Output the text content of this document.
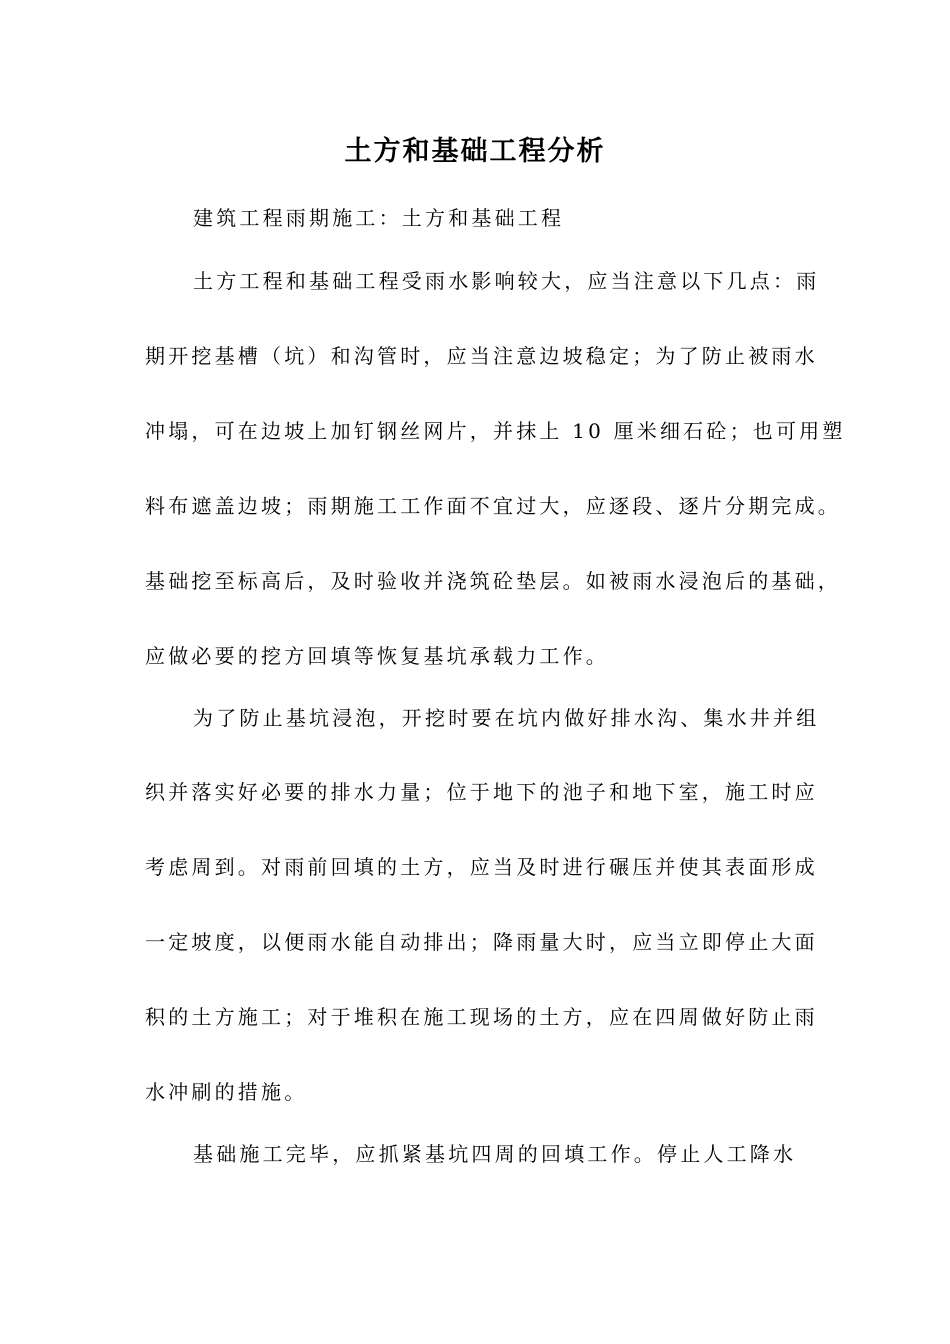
土方和基础工程分析
建筑工程雨期施工：土方和基础工程
土方工程和基础工程受雨水影响较大，应当注意以下几点：雨
期开挖基槽（坑）和沟管时，应当注意边坡稳定；为了防止被雨水
冲塌，可在边坡上加钉钢丝网片，并抹上 10 厘米细石砼；也可用塑
料布遮盖边坡；雨期施工工作面不宜过大，应逐段、逐片分期完成。
基础挖至标高后，及时验收并浇筑砼垫层。如被雨水浸泡后的基础，
应做必要的挖方回填等恢复基坑承载力工作。
为了防止基坑浸泡，开挖时要在坑内做好排水沟、集水井并组
织并落实好必要的排水力量；位于地下的池子和地下室，施工时应
考虑周到。对雨前回填的土方，应当及时进行碾压并使其表面形成
一定坡度，以便雨水能自动排出；降雨量大时，应当立即停止大面
积的土方施工；对于堆积在施工现场的土方，应在四周做好防止雨
水冲刷的措施。
基础施工完毕，应抓紧基坑四周的回填工作。停止人工降水
